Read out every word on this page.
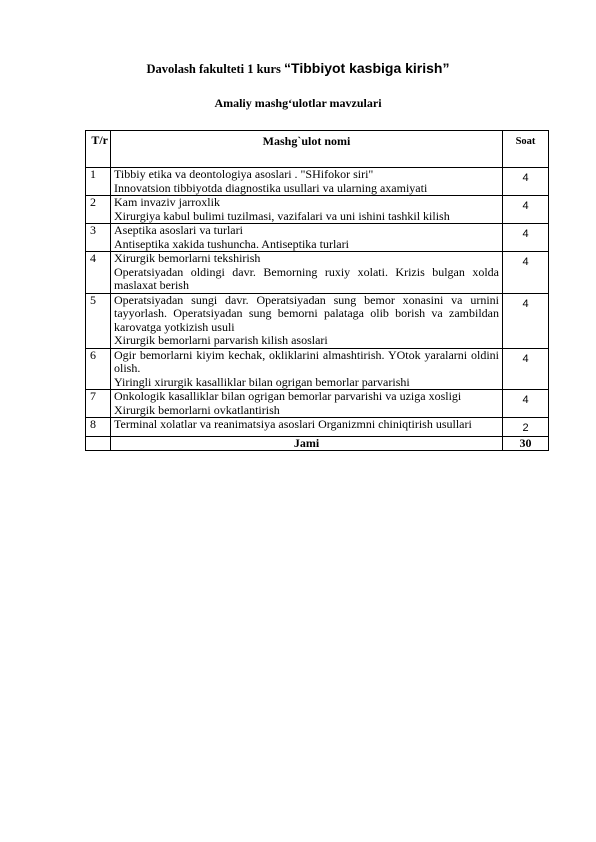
Davolash fakulteti 1 kurs “Tibbiyot kasbiga kirish”
Amaliy mashg‘ulotlar mavzulari
T/r	Mashg`ulot nomi	Soat
1	Tibbiy etika va deontologiya asoslari . "SHifokor siri"
Innovatsion tibbiyotda diagnostika usullari va ularning axamiyati	4
2	Kam invaziv jarroxlik
Xirurgiya kabul bulimi tuzilmasi, vazifalari va uni ishini tashkil kilish	4
3	Aseptika asoslari va turlari
Antiseptika xakida tushuncha. Antiseptika turlari	4
4	Xirurgik bemorlarni tekshirish
Operatsiyadan oldingi davr. Bemorning ruxiy xolati. Krizis bulgan xolda maslaxat berish	4
5	Operatsiyadan sungi davr. Operatsiyadan sung bemor xonasini va urnini tayyorlash. Operatsiyadan sung bemorni palataga olib borish va zambildan karovatga yotkizish usuli
Xirurgik bemorlarni parvarish kilish asoslari	4
6	Ogir bemorlarni kiyim kechak, okliklarini almashtirish. YOtok yaralarni oldini olish.
Yiringli xirurgik kasalliklar bilan ogrigan bemorlar parvarishi	4
7	Onkologik kasalliklar bilan ogrigan bemorlar parvarishi va uziga xosligi
Xirurgik bemorlarni ovkatlantirish	4
8	Terminal xolatlar va reanimatsiya asoslari Organizmni chiniqtirish usullari	2
	Jami	30
